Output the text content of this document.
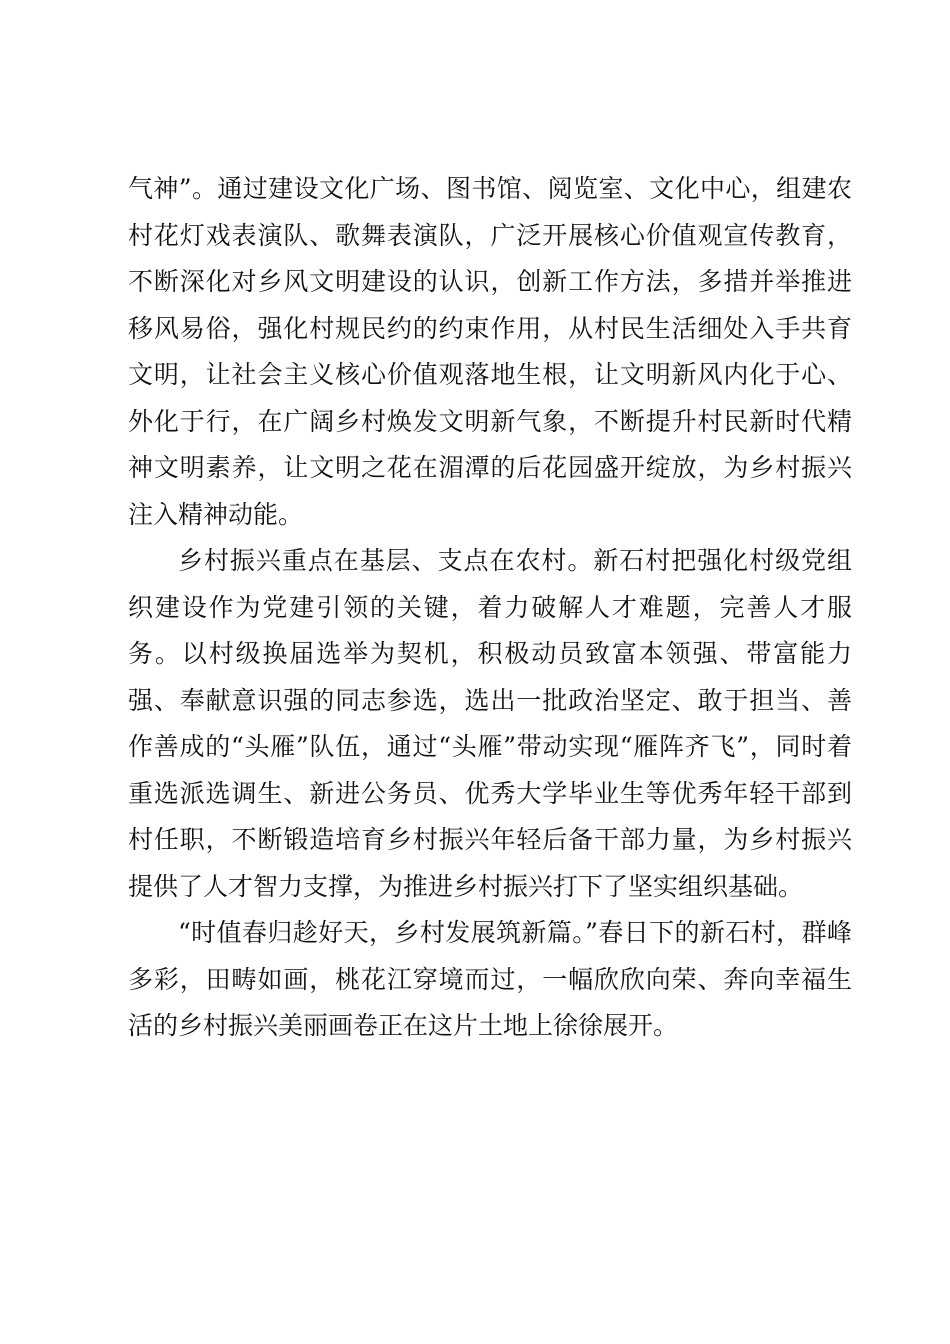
气神”。通过建设文化广场、图书馆、阅览室、文化中心，组建农村花灯戏表演队、歌舞表演队，广泛开展核心价值观宣传教育，不断深化对乡风文明建设的认识，创新工作方法，多措并举推进移风易俗，强化村规民约的约束作用，从村民生活细处入手共育文明，让社会主义核心价值观落地生根，让文明新风内化于心、外化于行，在广阔乡村焕发文明新气象，不断提升村民新时代精神文明素养，让文明之花在湄潭的后花园盛开绽放，为乡村振兴注入精神动能。

乡村振兴重点在基层、支点在农村。新石村把强化村级党组织建设作为党建引领的关键，着力破解人才难题，完善人才服务。以村级换届选举为契机，积极动员致富本领强、带富能力强、奉献意识强的同志参选，选出一批政治坚定、敢于担当、善作善成的“头雁”队伍，通过“头雁”带动实现“雁阵齐飞”，同时着重选派选调生、新进公务员、优秀大学毕业生等优秀年轻干部到村任职，不断锻造培育乡村振兴年轻后备干部力量，为乡村振兴提供了人才智力支撑，为推进乡村振兴打下了坚实组织基础。

“时值春归趁好天，乡村发展筑新篇。”春日下的新石村，群峰多彩，田畴如画，桃花江穿境而过，一幅欣欣向荣、奔向幸福生活的乡村振兴美丽画卷正在这片土地上徐徐展开。
